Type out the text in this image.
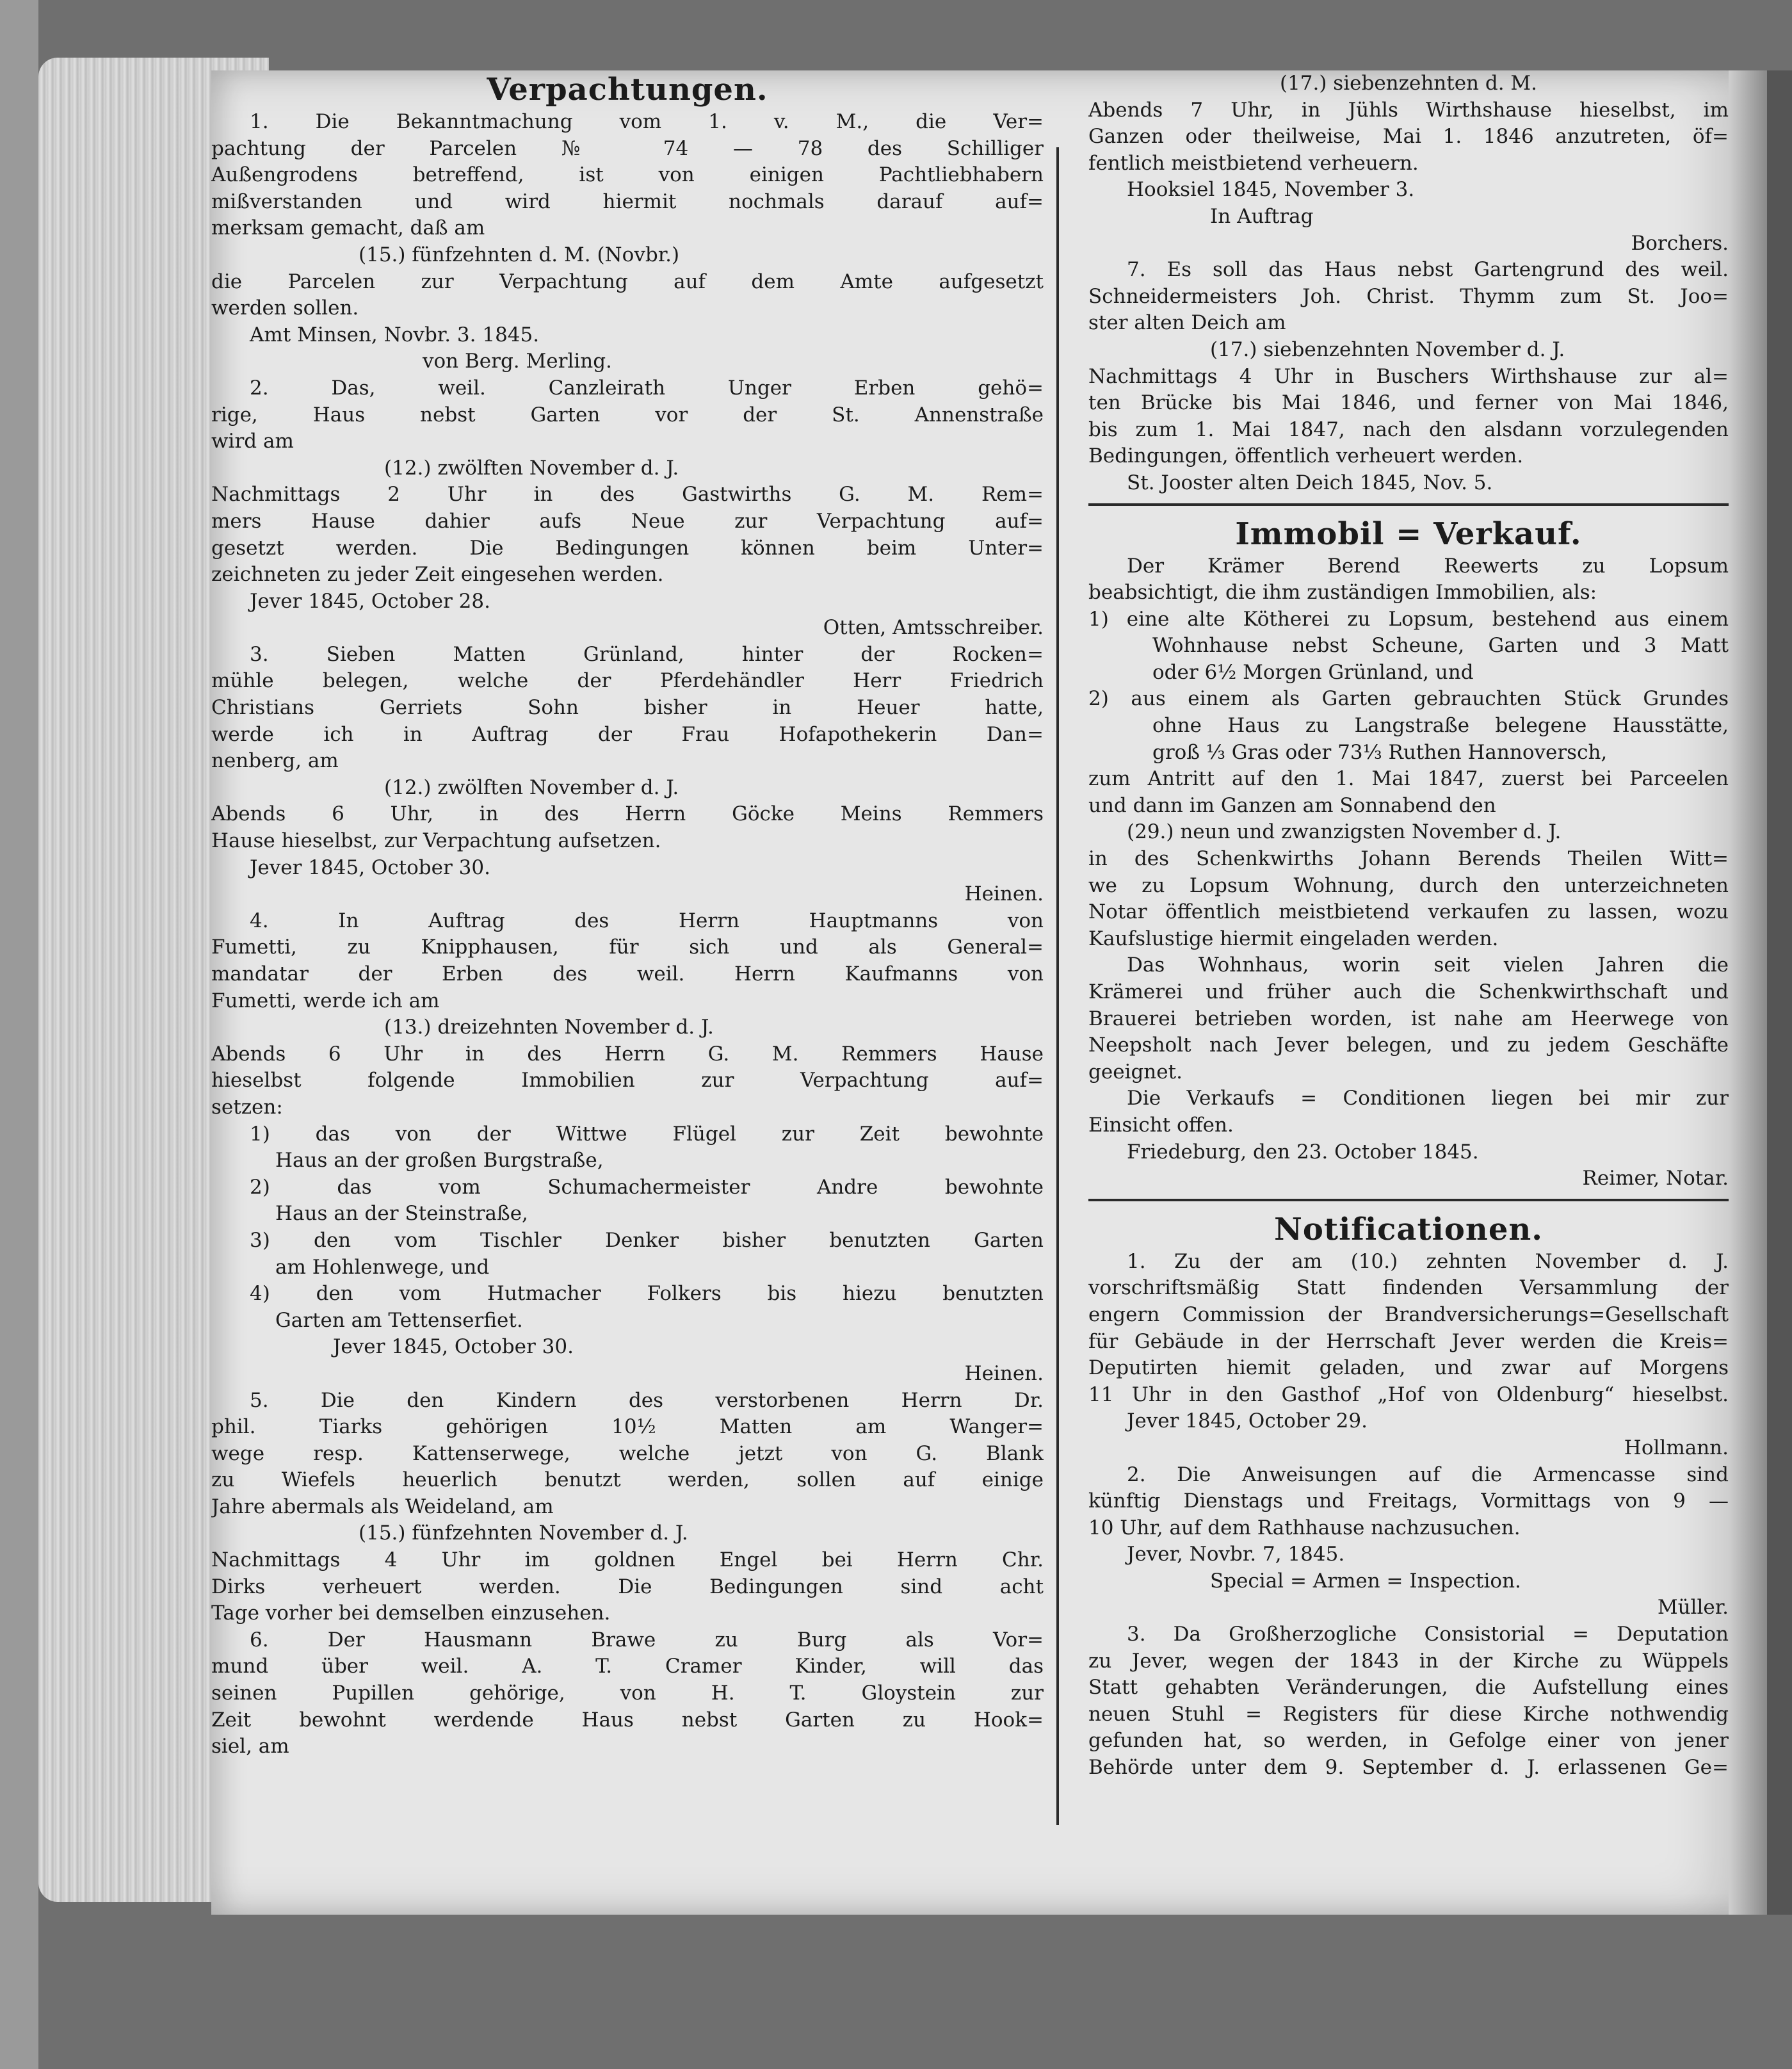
Verpachtungen.
1. Die Bekanntmachung vom 1. v. M., die Ver=
pachtung der Parcelen № 74 — 78 des Schilliger
Außengrodens betreffend, ist von einigen Pachtliebhabern
mißverstanden und wird hiermit nochmals darauf auf=
merksam gemacht, daß am
(15.) fünfzehnten d. M. (Novbr.)
die Parcelen zur Verpachtung auf dem Amte aufgesetzt
werden sollen.
Amt Minsen, Novbr. 3. 1845.
von Berg. Merling.
2. Das, weil. Canzleirath Unger Erben gehö=
rige, Haus nebst Garten vor der St. Annenstraße
wird am
(12.) zwölften November d. J.
Nachmittags 2 Uhr in des Gastwirths G. M. Rem=
mers Hause dahier aufs Neue zur Verpachtung auf=
gesetzt werden. Die Bedingungen können beim Unter=
zeichneten zu jeder Zeit eingesehen werden.
Jever 1845, October 28.
Otten, Amtsschreiber.
3. Sieben Matten Grünland, hinter der Rocken=
mühle belegen, welche der Pferdehändler Herr Friedrich
Christians Gerriets Sohn bisher in Heuer hatte,
werde ich in Auftrag der Frau Hofapothekerin Dan=
nenberg, am
(12.) zwölften November d. J.
Abends 6 Uhr, in des Herrn Göcke Meins Remmers
Hause hieselbst, zur Verpachtung aufsetzen.
Jever 1845, October 30.
Heinen.
4. In Auftrag des Herrn Hauptmanns von
Fumetti, zu Knipphausen, für sich und als General=
mandatar der Erben des weil. Herrn Kaufmanns von
Fumetti, werde ich am
(13.) dreizehnten November d. J.
Abends 6 Uhr in des Herrn G. M. Remmers Hause
hieselbst folgende Immobilien zur Verpachtung auf=
setzen:
1) das von der Wittwe Flügel zur Zeit bewohnte
Haus an der großen Burgstraße,
2) das vom Schumachermeister Andre bewohnte
Haus an der Steinstraße,
3) den vom Tischler Denker bisher benutzten Garten
am Hohlenwege, und
4) den vom Hutmacher Folkers bis hiezu benutzten
Garten am Tettenserfiet.
Jever 1845, October 30.
Heinen.
5. Die den Kindern des verstorbenen Herrn Dr.
phil. Tiarks gehörigen 10½ Matten am Wanger=
wege resp. Kattenserwege, welche jetzt von G. Blank
zu Wiefels heuerlich benutzt werden, sollen auf einige
Jahre abermals als Weideland, am
(15.) fünfzehnten November d. J.
Nachmittags 4 Uhr im goldnen Engel bei Herrn Chr.
Dirks verheuert werden. Die Bedingungen sind acht
Tage vorher bei demselben einzusehen.
6. Der Hausmann Brawe zu Burg als Vor=
mund über weil. A. T. Cramer Kinder, will das
seinen Pupillen gehörige, von H. T. Gloystein zur
Zeit bewohnt werdende Haus nebst Garten zu Hook=
siel, am
(17.) siebenzehnten d. M.
Abends 7 Uhr, in Jühls Wirthshause hieselbst, im
Ganzen oder theilweise, Mai 1. 1846 anzutreten, öf=
fentlich meistbietend verheuern.
Hooksiel 1845, November 3.
In Auftrag
Borchers.
7. Es soll das Haus nebst Gartengrund des weil.
Schneidermeisters Joh. Christ. Thymm zum St. Joo=
ster alten Deich am
(17.) siebenzehnten November d. J.
Nachmittags 4 Uhr in Buschers Wirthshause zur al=
ten Brücke bis Mai 1846, und ferner von Mai 1846,
bis zum 1. Mai 1847, nach den alsdann vorzulegenden
Bedingungen, öffentlich verheuert werden.
St. Jooster alten Deich 1845, Nov. 5.
Immobil = Verkauf.
Der Krämer Berend Reewerts zu Lopsum
beabsichtigt, die ihm zuständigen Immobilien, als:
1) eine alte Kötherei zu Lopsum, bestehend aus einem
Wohnhause nebst Scheune, Garten und 3 Matt
oder 6½ Morgen Grünland, und
2) aus einem als Garten gebrauchten Stück Grundes
ohne Haus zu Langstraße belegene Hausstätte,
groß ⅓ Gras oder 73⅓ Ruthen Hannoversch,
zum Antritt auf den 1. Mai 1847, zuerst bei Parceelen
und dann im Ganzen am Sonnabend den
(29.) neun und zwanzigsten November d. J.
in des Schenkwirths Johann Berends Theilen Witt=
we zu Lopsum Wohnung, durch den unterzeichneten
Notar öffentlich meistbietend verkaufen zu lassen, wozu
Kaufslustige hiermit eingeladen werden.
Das Wohnhaus, worin seit vielen Jahren die
Krämerei und früher auch die Schenkwirthschaft und
Brauerei betrieben worden, ist nahe am Heerwege von
Neepsholt nach Jever belegen, und zu jedem Geschäfte
geeignet.
Die Verkaufs = Conditionen liegen bei mir zur
Einsicht offen.
Friedeburg, den 23. October 1845.
Reimer, Notar.
Notificationen.
1. Zu der am (10.) zehnten November d. J.
vorschriftsmäßig Statt findenden Versammlung der
engern Commission der Brandversicherungs=Gesellschaft
für Gebäude in der Herrschaft Jever werden die Kreis=
Deputirten hiemit geladen, und zwar auf Morgens
11 Uhr in den Gasthof „Hof von Oldenburg“ hieselbst.
Jever 1845, October 29.
Hollmann.
2. Die Anweisungen auf die Armencasse sind
künftig Dienstags und Freitags, Vormittags von 9 —
10 Uhr, auf dem Rathhause nachzusuchen.
Jever, Novbr. 7, 1845.
Special = Armen = Inspection.
Müller.
3. Da Großherzogliche Consistorial = Deputation
zu Jever, wegen der 1843 in der Kirche zu Wüppels
Statt gehabten Veränderungen, die Aufstellung eines
neuen Stuhl = Registers für diese Kirche nothwendig
gefunden hat, so werden, in Gefolge einer von jener
Behörde unter dem 9. September d. J. erlassenen Ge=
